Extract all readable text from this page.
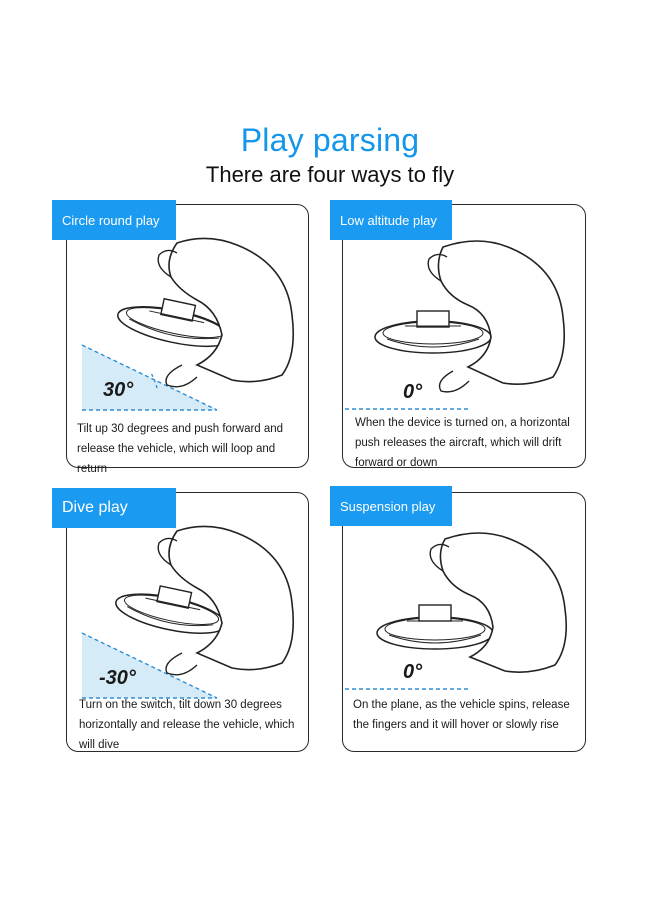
Play parsing
There are four ways to fly
30°
Tilt up 30 degrees and push forward and release the vehicle, which will loop and return
Circle round play
0°
When the device is turned on, a horizontal push releases the aircraft, which will drift forward or down
Low altitude play
-30°
Turn on the switch, tilt down 30 degrees horizontally and release the vehicle, which will dive
Dive play
0°
On the plane, as the vehicle spins, release the fingers and it will hover or slowly rise
Suspension play
